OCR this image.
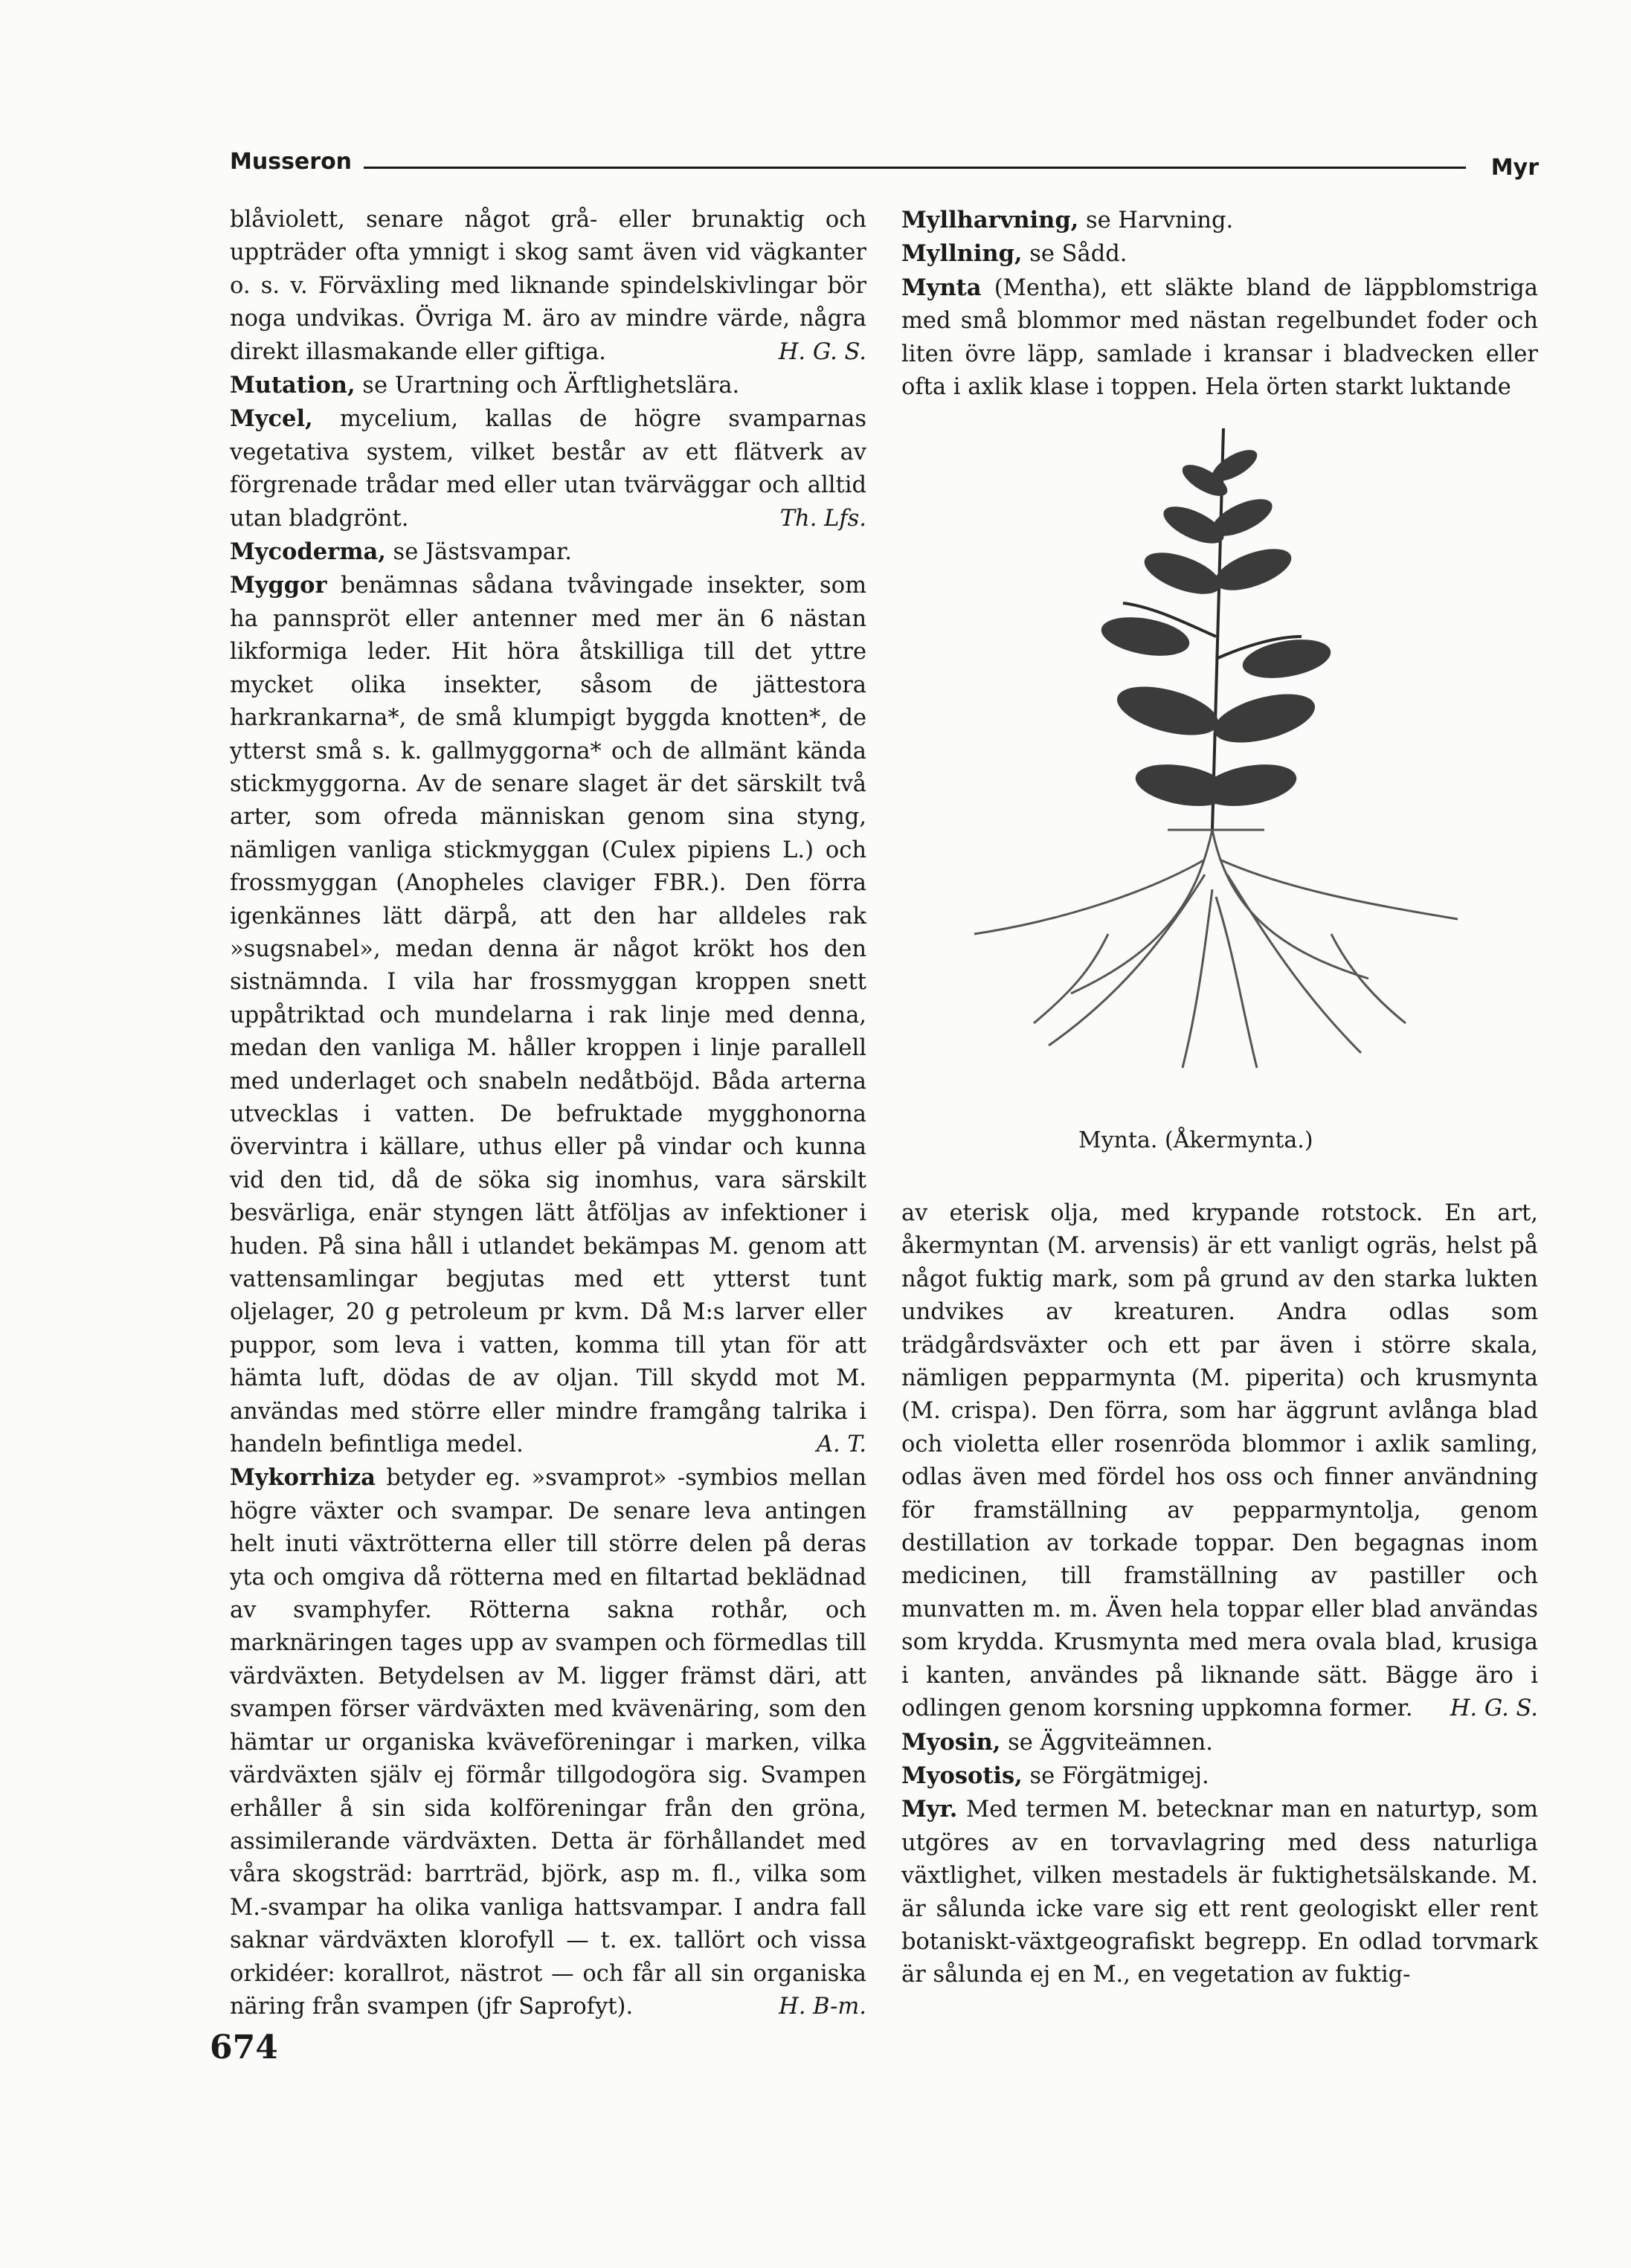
Musseron	Myr

blåviolett, senare något grå- eller brunaktig och uppträder ofta ymnigt i skog samt även vid vägkanter o. s. v. Förväxling med liknande spindelskivlingar bör noga undvikas. Övriga M. äro av mindre värde, några direkt illasmakande eller giftiga.	H. G. S.

Mutation, se Urartning och Ärftlighetslära.

Mycel, mycelium, kallas de högre svamparnas vegetativa system, vilket består av ett flätverk av förgrenade trådar med eller utan tvärväggar och alltid utan bladgrönt.	Th. Lfs.

Mycoderma, se Jästsvampar.

Myggor benämnas sådana tvåvingade insekter, som ha pannspröt eller antenner med mer än 6 nästan likformiga leder. Hit höra åtskilliga till det yttre mycket olika insekter, såsom de jättestora harkrankarna*, de små klumpigt byggda knotten*, de ytterst små s. k. gallmyggorna* och de allmänt kända stickmyggorna. Av de senare slaget är det särskilt två arter, som ofreda människan genom sina styng, nämligen vanliga stickmyggan (Culex pipiens L.) och frossmyggan (Anopheles claviger FBR.). Den förra igenkännes lätt därpå, att den har alldeles rak »sugsnabel», medan denna är något krökt hos den sistnämnda. I vila har frossmyggan kroppen snett uppåtriktad och mundelarna i rak linje med denna, medan den vanliga M. håller kroppen i linje parallell med underlaget och snabeln nedåtböjd. Båda arterna utvecklas i vatten. De befruktade mygghonorna övervintra i källare, uthus eller på vindar och kunna vid den tid, då de söka sig inomhus, vara särskilt besvärliga, enär styngen lätt åtföljas av infektioner i huden. På sina håll i utlandet bekämpas M. genom att vattensamlingar begjutas med ett ytterst tunt oljelager, 20 g petroleum pr kvm. Då M:s larver eller puppor, som leva i vatten, komma till ytan för att hämta luft, dödas de av oljan. Till skydd mot M. användas med större eller mindre framgång talrika i handeln befintliga medel.	A. T.

Mykorrhiza betyder eg. »svamprot» -symbios mellan högre växter och svampar. De senare leva antingen helt inuti växtrötterna eller till större delen på deras yta och omgiva då rötterna med en filtartad beklädnad av svamphyfer. Rötterna sakna rothår, och marknäringen tages upp av svampen och förmedlas till värdväxten. Betydelsen av M. ligger främst däri, att svampen förser värdväxten med kvävenäring, som den hämtar ur organiska kväveföreningar i marken, vilka värdväxten själv ej förmår tillgodogöra sig. Svampen erhåller å sin sida kolföreningar från den gröna, assimilerande värdväxten. Detta är förhållandet med våra skogsträd: barrträd, björk, asp m. fl., vilka som M.-svampar ha olika vanliga hattsvampar. I andra fall saknar värdväxten klorofyll — t. ex. tallört och vissa orkidéer: korallrot, nästrot — och får all sin organiska näring från svampen (jfr Saprofyt).	H. B-m.

Myllharvning, se Harvning.

Myllning, se Sådd.

Mynta (Mentha), ett släkte bland de läppblomstriga med små blommor med nästan regelbundet foder och liten övre läpp, samlade i kransar i bladvecken eller ofta i axlik klase i toppen. Hela örten starkt luktande

Mynta. (Åkermynta.)

av eterisk olja, med krypande rotstock. En art, åkermyntan (M. arvensis) är ett vanligt ogräs, helst på något fuktig mark, som på grund av den starka lukten undvikes av kreaturen. Andra odlas som trädgårdsväxter och ett par även i större skala, nämligen pepparmynta (M. piperita) och krusmynta (M. crispa). Den förra, som har äggrunt avlånga blad och violetta eller rosenröda blommor i axlik samling, odlas även med fördel hos oss och finner användning för framställning av pepparmyntolja, genom destillation av torkade toppar. Den begagnas inom medicinen, till framställning av pastiller och munvatten m. m. Även hela toppar eller blad användas som krydda. Krusmynta med mera ovala blad, krusiga i kanten, användes på liknande sätt. Bägge äro i odlingen genom korsning uppkomna former.	H. G. S.

Myosin, se Äggviteämnen.

Myosotis, se Förgätmigej.

Myr. Med termen M. betecknar man en naturtyp, som utgöres av en torvavlagring med dess naturliga växtlighet, vilken mestadels är fuktighetsälskande. M. är sålunda icke vare sig ett rent geologiskt eller rent botaniskt-växtgeografiskt begrepp. En odlad torvmark är sålunda ej en M., en vegetation av fuktig-

674
